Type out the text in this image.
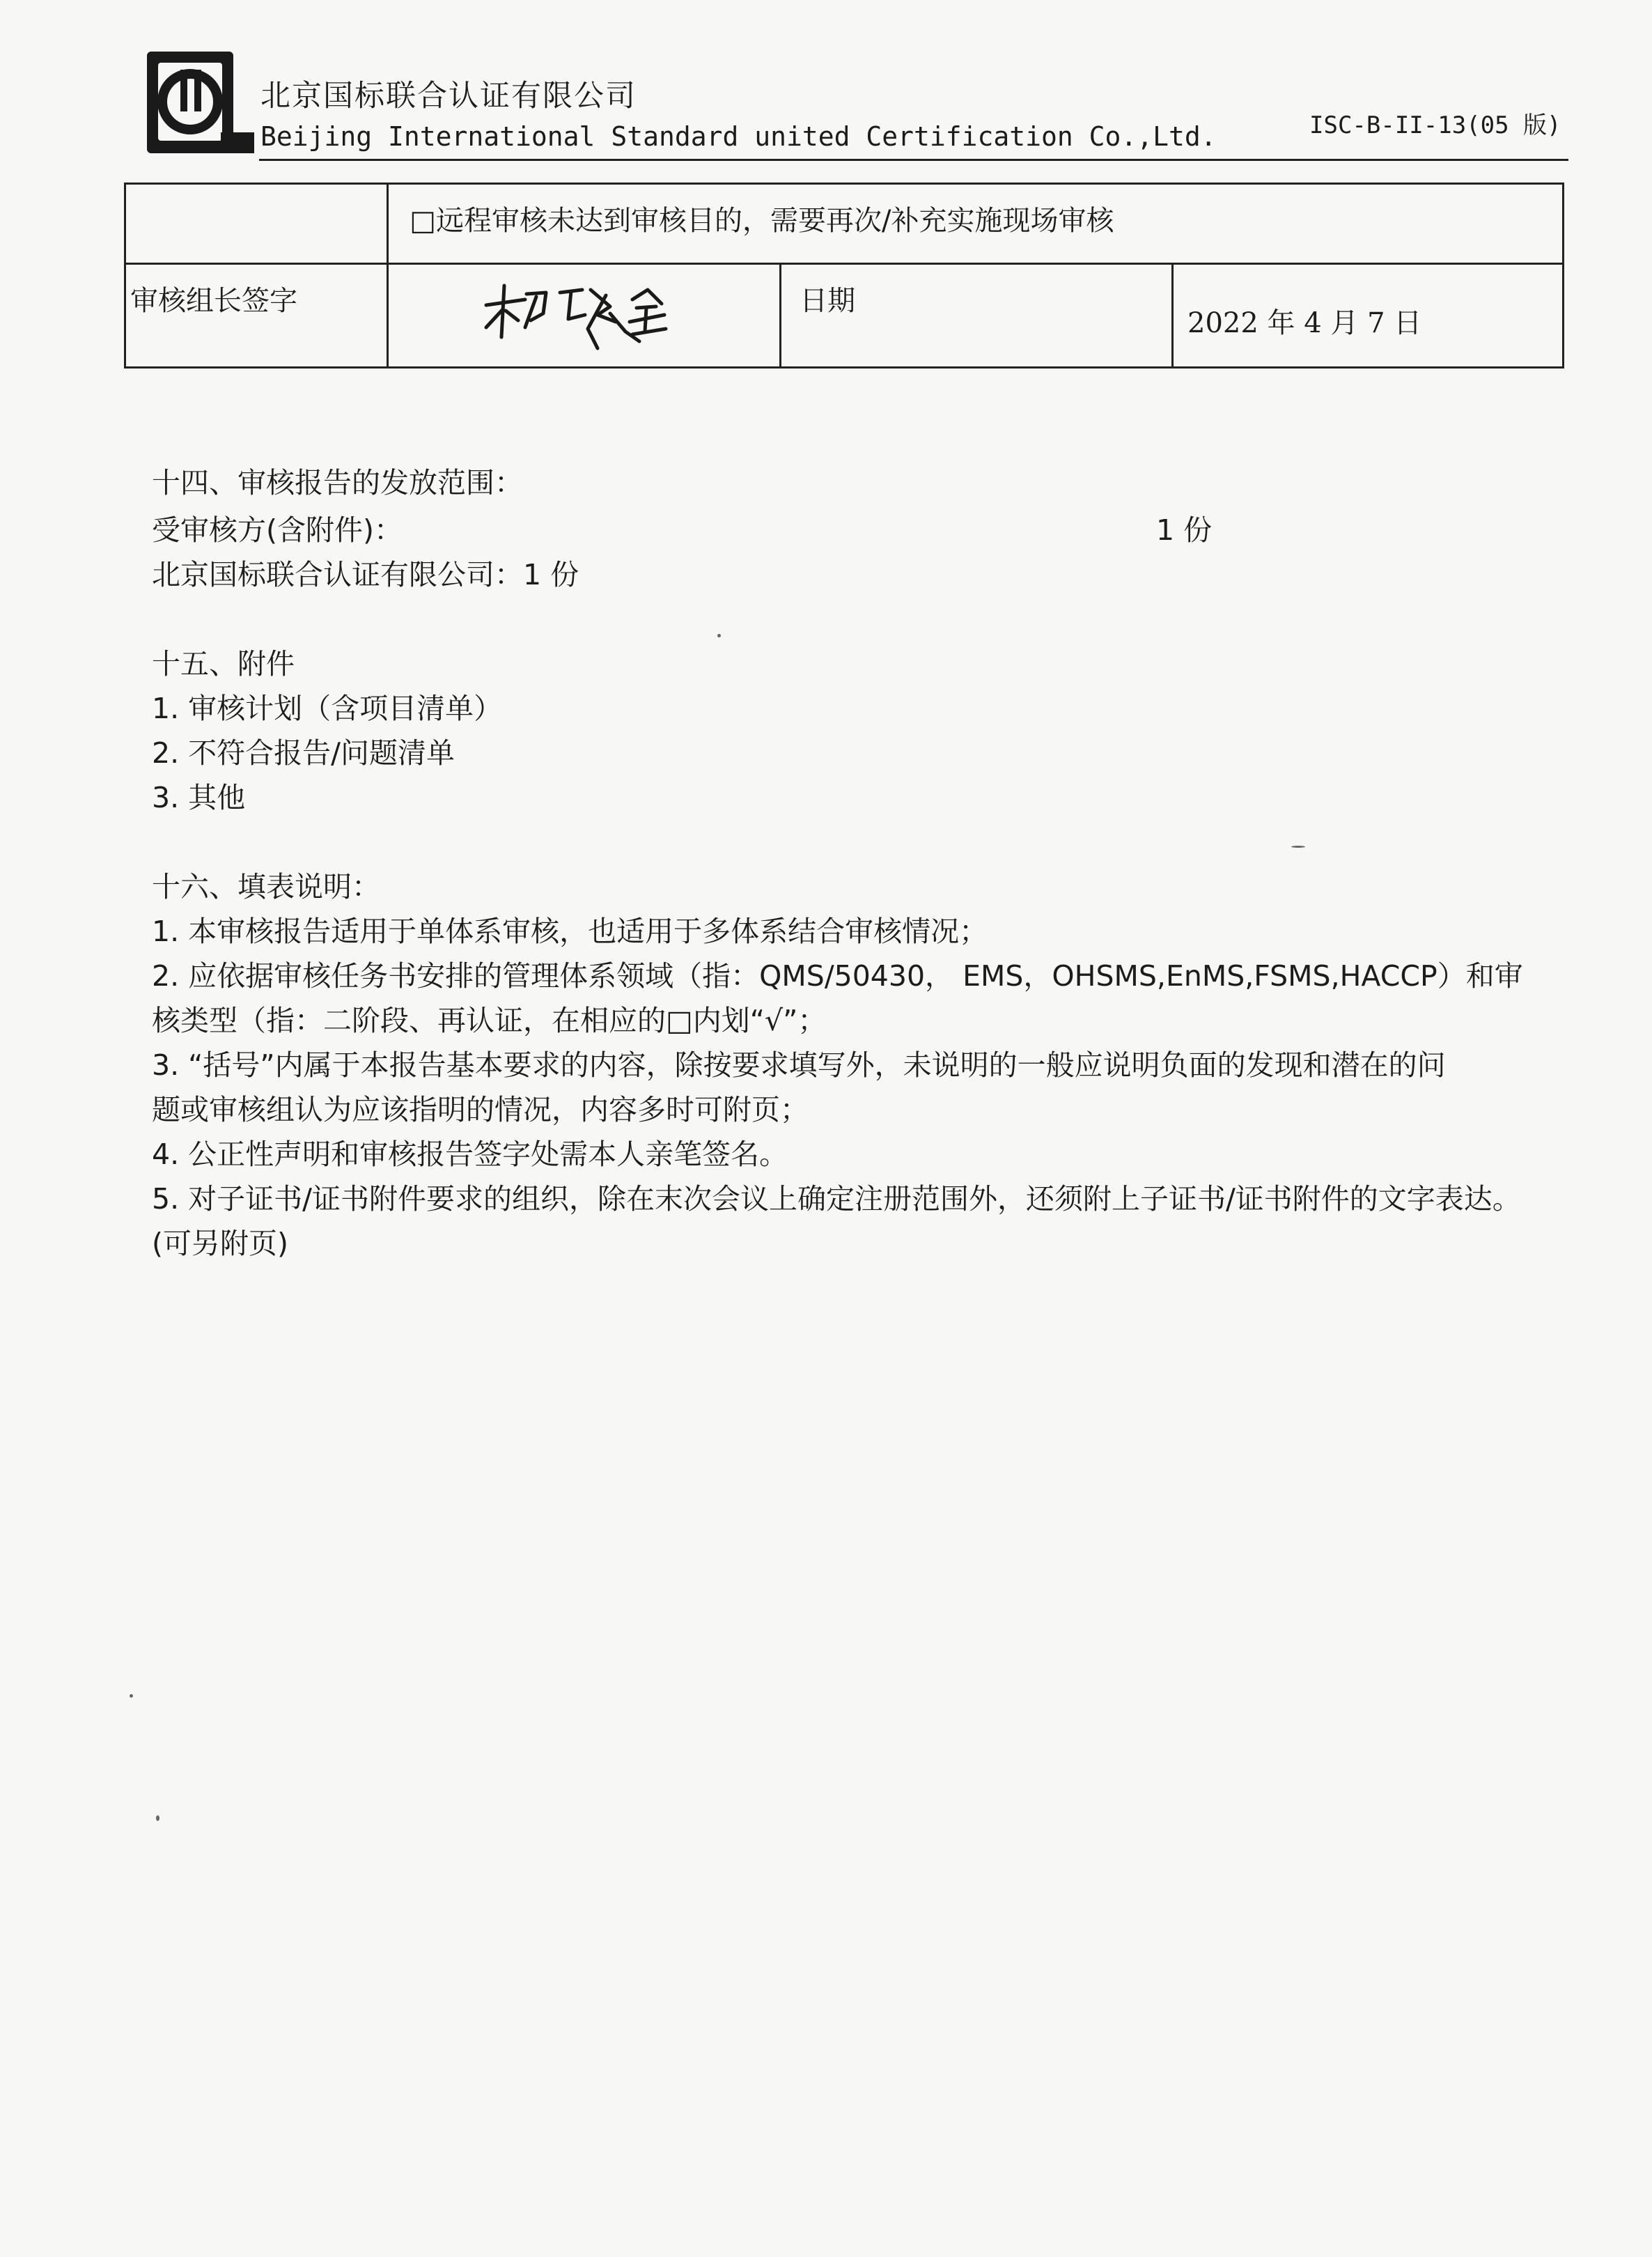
北京国标联合认证有限公司
Beijing International Standard united Certification Co.,Ltd.	ISC-B-II-13(05 版)

	□远程审核未达到审核目的，需要再次/补充实施现场审核		

审核组长签字		日期	2022 年 4 月 7 日
十四、审核报告的发放范围：
受审核方(含附件)：	1 份
北京国标联合认证有限公司：1 份
十五、附件
1. 审核计划（含项目清单）
2. 不符合报告/问题清单
3. 其他
十六、填表说明：
1. 本审核报告适用于单体系审核，也适用于多体系结合审核情况；
2. 应依据审核任务书安排的管理体系领域（指：QMS/50430， EMS，OHSMS,EnMS,FSMS,HACCP）和审
核类型（指：二阶段、再认证，在相应的□内划“√”；
3. “括号”内属于本报告基本要求的内容，除按要求填写外，未说明的一般应说明负面的发现和潜在的问
题或审核组认为应该指明的情况，内容多时可附页；
4. 公正性声明和审核报告签字处需本人亲笔签名。
5. 对子证书/证书附件要求的组织，除在末次会议上确定注册范围外，还须附上子证书/证书附件的文字表达。
(可另附页)
